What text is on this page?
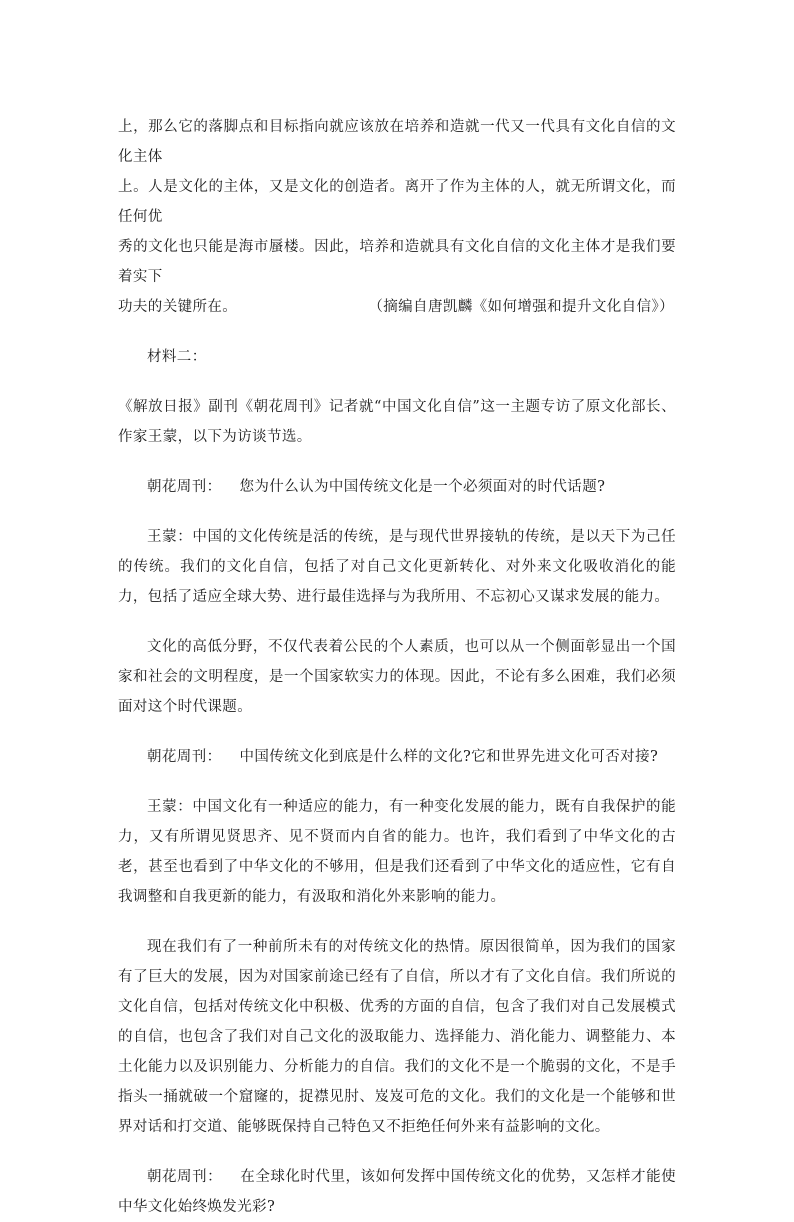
上，那么它的落脚点和目标指向就应该放在培养和造就一代又一代具有文化自信的文化主体
上。人是文化的主体，又是文化的创造者。离开了作为主体的人，就无所谓文化，而任何优
秀的文化也只能是海市蜃楼。因此，培养和造就具有文化自信的文化主体才是我们要着实下

功夫的关键所在。	（摘编自唐凯麟《如何增强和提升文化自信》）

材料二：

《解放日报》副刊《朝花周刊》记者就“中国文化自信”这一主题专访了原文化部长、作家王蒙，以下为访谈节选。

朝花周刊： 您为什么认为中国传统文化是一个必须面对的时代话题?

王蒙：中国的文化传统是活的传统，是与现代世界接轨的传统，是以天下为己任的传统。我们的文化自信，包括了对自己文化更新转化、对外来文化吸收消化的能力，包括了适应全球大势、进行最佳选择与为我所用、不忘初心又谋求发展的能力。

文化的高低分野，不仅代表着公民的个人素质，也可以从一个侧面彰显出一个国家和社会的文明程度，是一个国家软实力的体现。因此，不论有多么困难，我们必须面对这个时代课题。

朝花周刊： 中国传统文化到底是什么样的文化?它和世界先进文化可否对接?

王蒙：中国文化有一种适应的能力，有一种变化发展的能力，既有自我保护的能力，又有所谓见贤思齐、见不贤而内自省的能力。也许，我们看到了中华文化的古老，甚至也看到了中华文化的不够用，但是我们还看到了中华文化的适应性，它有自我调整和自我更新的能力，有汲取和消化外来影响的能力。

现在我们有了一种前所未有的对传统文化的热情。原因很简单，因为我们的国家有了巨大的发展，因为对国家前途已经有了自信，所以才有了文化自信。我们所说的文化自信，包括对传统文化中积极、优秀的方面的自信，包含了我们对自己发展模式的自信，也包含了我们对自己文化的汲取能力、选择能力、消化能力、调整能力、本土化能力以及识别能力、分析能力的自信。我们的文化不是一个脆弱的文化，不是手指头一捅就破一个窟窿的，捉襟见肘、岌岌可危的文化。我们的文化是一个能够和世界对话和打交道、能够既保持自己特色又不拒绝任何外来有益影响的文化。

朝花周刊： 在全球化时代里，该如何发挥中国传统文化的优势，又怎样才能使中华文化始终焕发光彩?
